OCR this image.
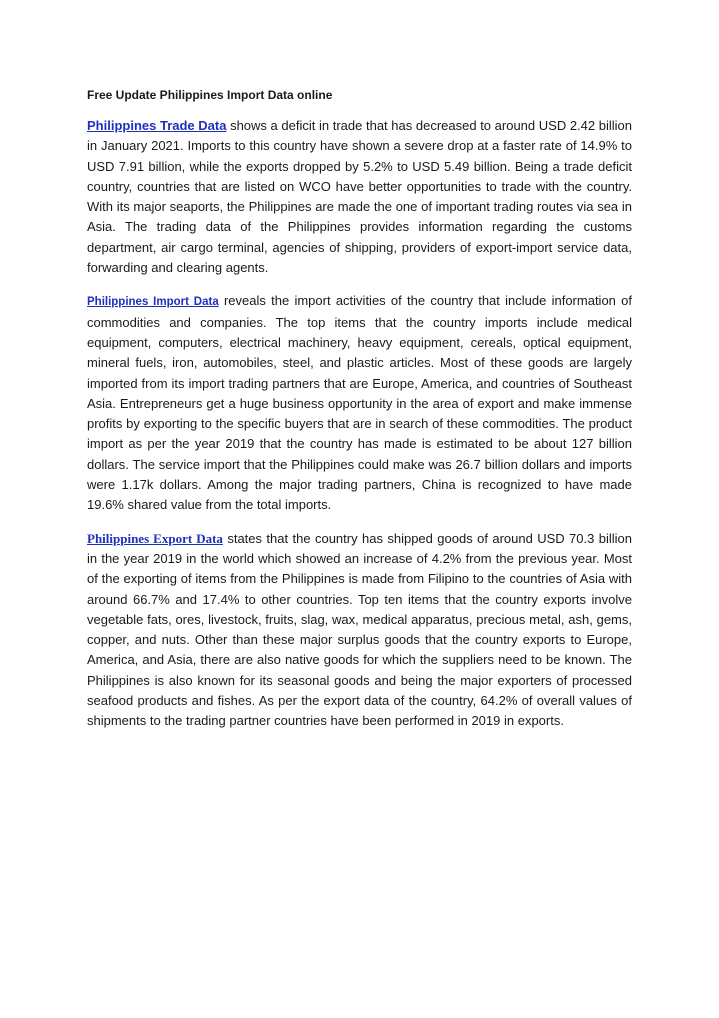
Free Update Philippines Import Data online

Philippines Trade Data shows a deficit in trade that has decreased to around USD 2.42 billion in January 2021. Imports to this country have shown a severe drop at a faster rate of 14.9% to USD 7.91 billion, while the exports dropped by 5.2% to USD 5.49 billion. Being a trade deficit country, countries that are listed on WCO have better opportunities to trade with the country. With its major seaports, the Philippines are made the one of important trading routes via sea in Asia. The trading data of the Philippines provides information regarding the customs department, air cargo terminal, agencies of shipping, providers of export-import service data, forwarding and clearing agents.

Philippines Import Data reveals the import activities of the country that include information of commodities and companies. The top items that the country imports include medical equipment, computers, electrical machinery, heavy equipment, cereals, optical equipment, mineral fuels, iron, automobiles, steel, and plastic articles. Most of these goods are largely imported from its import trading partners that are Europe, America, and countries of Southeast Asia. Entrepreneurs get a huge business opportunity in the area of export and make immense profits by exporting to the specific buyers that are in search of these commodities. The product import as per the year 2019 that the country has made is estimated to be about 127 billion dollars. The service import that the Philippines could make was 26.7 billion dollars and imports were 1.17k dollars. Among the major trading partners, China is recognized to have made 19.6% shared value from the total imports.

Philippines Export Data states that the country has shipped goods of around USD 70.3 billion in the year 2019 in the world which showed an increase of 4.2% from the previous year. Most of the exporting of items from the Philippines is made from Filipino to the countries of Asia with around 66.7% and 17.4% to other countries. Top ten items that the country exports involve vegetable fats, ores, livestock, fruits, slag, wax, medical apparatus, precious metal, ash, gems, copper, and nuts. Other than these major surplus goods that the country exports to Europe, America, and Asia, there are also native goods for which the suppliers need to be known. The Philippines is also known for its seasonal goods and being the major exporters of processed seafood products and fishes. As per the export data of the country, 64.2% of overall values of shipments to the trading partner countries have been performed in 2019 in exports.
